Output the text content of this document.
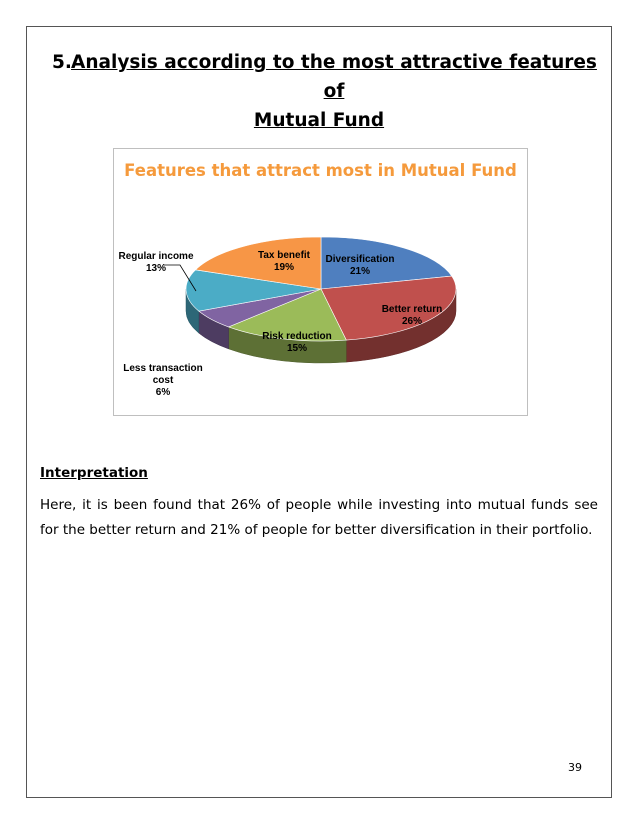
5. Analysis according to the most attractive features of
Mutual Fund
Features that attract most in Mutual Fund
Diversification
21%
Better return
26%
Risk reduction
15%
Less transaction
cost
6%
Regular income
13%
Tax benefit
19%
Interpretation

Here, it is been found that 26% of people while investing into mutual funds see for the better return and 21% of people for better diversification in their portfolio.

39
